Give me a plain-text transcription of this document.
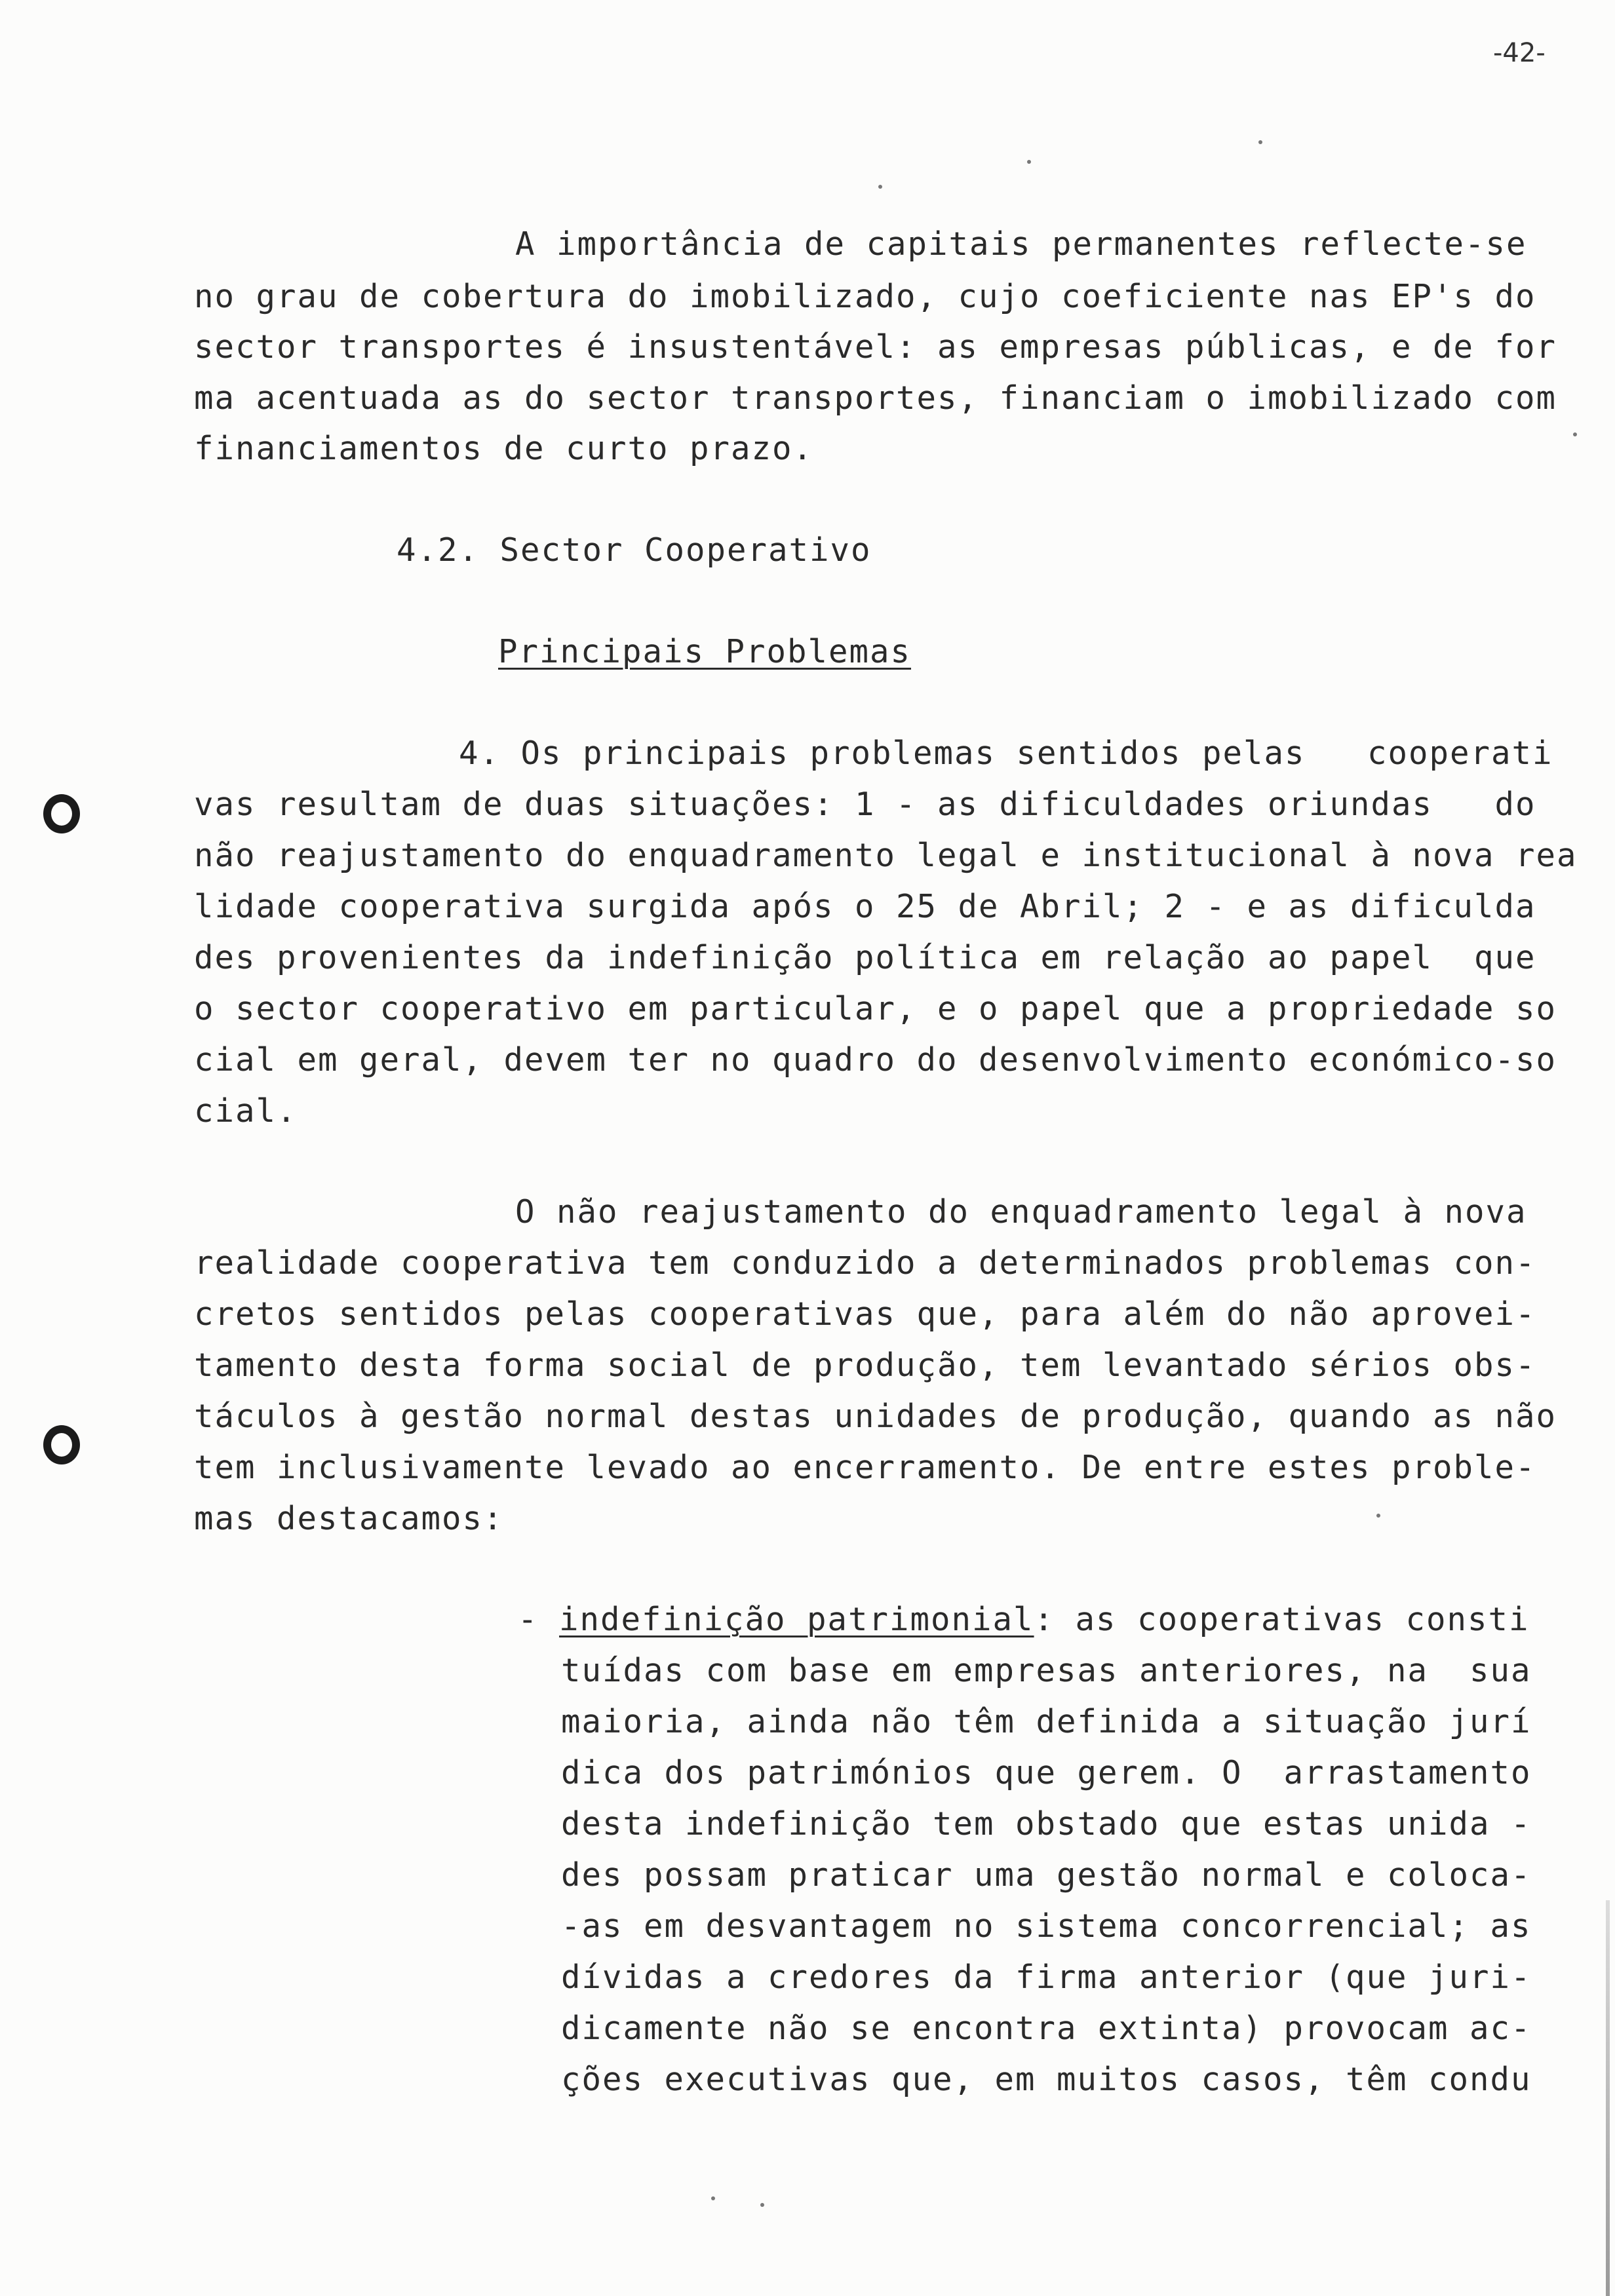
-42-

A importância de capitais permanentes reflecte-se

no grau de cobertura do imobilizado, cujo coeficiente nas EP's do

sector transportes é insustentável: as empresas públicas, e de for

ma acentuada as do sector transportes, financiam o imobilizado com

financiamentos de curto prazo.

4.2. Sector Cooperativo

Principais Problemas

4. Os principais problemas sentidos pelas   cooperati

vas resultam de duas situações: 1 - as dificuldades oriundas   do

não reajustamento do enquadramento legal e institucional à nova rea

lidade cooperativa surgida após o 25 de Abril; 2 - e as dificulda

des provenientes da indefinição política em relação ao papel  que

o sector cooperativo em particular, e o papel que a propriedade so

cial em geral, devem ter no quadro do desenvolvimento económico-so

cial.

O não reajustamento do enquadramento legal à nova

realidade cooperativa tem conduzido a determinados problemas con-

cretos sentidos pelas cooperativas que, para além do não aprovei-

tamento desta forma social de produção, tem levantado sérios obs-

táculos à gestão normal destas unidades de produção, quando as não

tem inclusivamente levado ao encerramento. De entre estes proble-

mas destacamos:

- indefinição patrimonial: as cooperativas consti

tuídas com base em empresas anteriores, na  sua

maioria, ainda não têm definida a situação jurí

dica dos patrimónios que gerem. O  arrastamento

desta indefinição tem obstado que estas unida -

des possam praticar uma gestão normal e coloca-

-as em desvantagem no sistema concorrencial; as

dívidas a credores da firma anterior (que juri-

dicamente não se encontra extinta) provocam ac-

ções executivas que, em muitos casos, têm condu
